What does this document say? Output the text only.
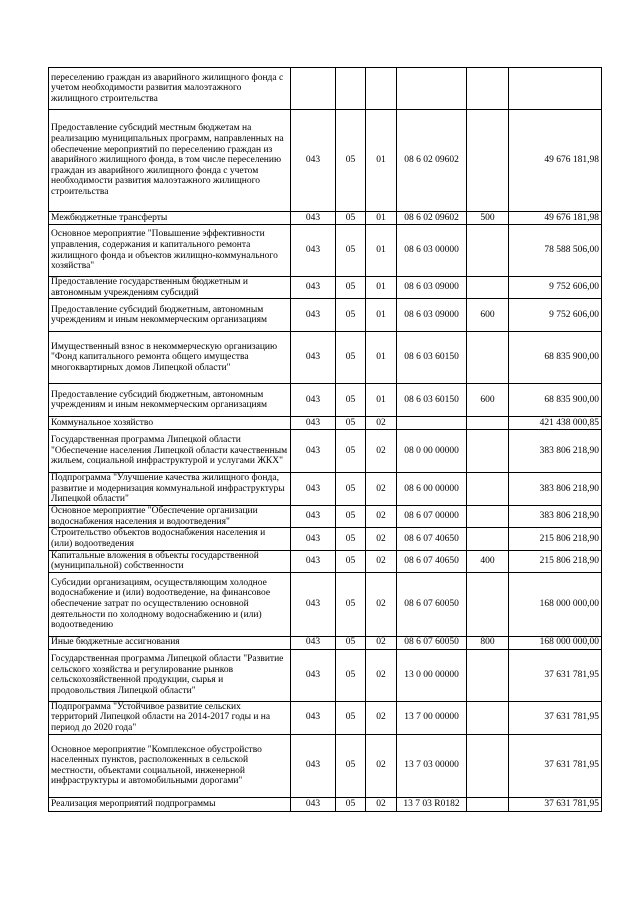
переселению граждан из аварийного жилищного фонда с учетом необходимости развития малоэтажного жилищного строительства						
Предоставление субсидий местным бюджетам на реализацию муниципальных программ, направленных на обеспечение мероприятий по переселению граждан из аварийного жилищного фонда, в том числе переселению граждан из аварийного жилищного фонда с учетом необходимости развития малоэтажного жилищного строительства	043	05	01	08 6 02 09602		49 676 181,98
Межбюджетные трансферты	043	05	01	08 6 02 09602	500	49 676 181,98
Основное мероприятие "Повышение эффективности управления, содержания и капитального ремонта жилищного фонда и объектов жилищно-коммунального хозяйства"	043	05	01	08 6 03 00000		78 588 506,00
Предоставление государственным бюджетным и автономным учреждениям субсидий	043	05	01	08 6 03 09000		9 752 606,00
Предоставление субсидий бюджетным, автономным учреждениям и иным некоммерческим организациям	043	05	01	08 6 03 09000	600	9 752 606,00
Имущественный взнос в некоммерческую организацию "Фонд капитального ремонта общего имущества многоквартирных домов Липецкой области"	043	05	01	08 6 03 60150		68 835 900,00
Предоставление субсидий бюджетным, автономным учреждениям и иным некоммерческим организациям	043	05	01	08 6 03 60150	600	68 835 900,00
Коммунальное хозяйство	043	05	02			421 438 000,85
Государственная программа Липецкой области "Обеспечение населения Липецкой области качественным жильем, социальной инфраструктурой и услугами ЖКХ"	043	05	02	08 0 00 00000		383 806 218,90
Подпрограмма "Улучшение качества жилищного фонда, развитие и модернизация коммунальной инфраструктуры Липецкой области"	043	05	02	08 6 00 00000		383 806 218,90
Основное мероприятие "Обеспечение организации водоснабжения населения и водоотведения"	043	05	02	08 6 07 00000		383 806 218,90
Строительство объектов водоснабжения населения и (или) водоотведения	043	05	02	08 6 07 40650		215 806 218,90
Капитальные вложения в объекты государственной (муниципальной) собственности	043	05	02	08 6 07 40650	400	215 806 218,90
Субсидии организациям, осуществляющим холодное водоснабжение и (или) водоотведение, на финансовое обеспечение затрат по осуществлению основной деятельности по холодному водоснабжению и (или) водоотведению	043	05	02	08 6 07 60050		168 000 000,00
Иные бюджетные ассигнования	043	05	02	08 6 07 60050	800	168 000 000,00
Государственная программа Липецкой области "Развитие сельского хозяйства и регулирование рынков сельскохозяйственной продукции, сырья и продовольствия Липецкой области"	043	05	02	13 0 00 00000		37 631 781,95
Подпрограмма "Устойчивое развитие сельских территорий Липецкой области на 2014-2017 годы и на период до 2020 года"	043	05	02	13 7 00 00000		37 631 781,95
Основное мероприятие "Комплексное обустройство населенных пунктов, расположенных в сельской местности, объектами социальной, инженерной инфраструктуры и автомобильными дорогами"	043	05	02	13 7 03 00000		37 631 781,95
Реализация мероприятий подпрограммы	043	05	02	13 7 03 R0182		37 631 781,95
